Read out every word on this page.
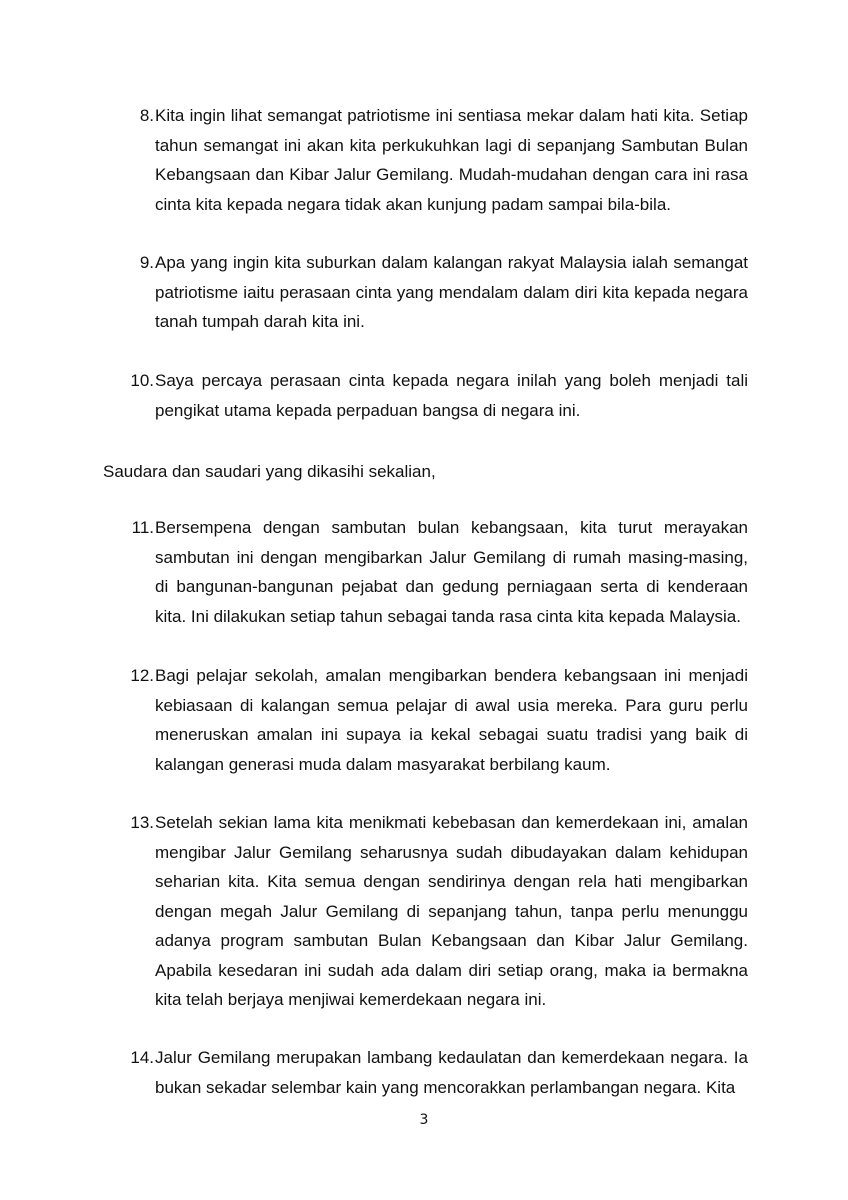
8. Kita ingin lihat semangat patriotisme ini sentiasa mekar dalam hati kita. Setiap tahun semangat ini akan kita perkukuhkan lagi di sepanjang Sambutan Bulan Kebangsaan dan Kibar Jalur Gemilang. Mudah-mudahan dengan cara ini rasa cinta kita kepada negara tidak akan kunjung padam sampai bila-bila.
9. Apa yang ingin kita suburkan dalam kalangan rakyat Malaysia ialah semangat patriotisme iaitu perasaan cinta yang mendalam dalam diri kita kepada negara tanah tumpah darah kita ini.
10. Saya percaya perasaan cinta kepada negara inilah yang boleh menjadi tali pengikat utama kepada perpaduan bangsa di negara ini.
Saudara dan saudari yang dikasihi sekalian,
11. Bersempena dengan sambutan bulan kebangsaan, kita turut merayakan sambutan ini dengan mengibarkan Jalur Gemilang di rumah masing-masing, di bangunan-bangunan pejabat dan gedung perniagaan serta di kenderaan kita. Ini dilakukan setiap tahun sebagai tanda rasa cinta kita kepada Malaysia.
12. Bagi pelajar sekolah, amalan mengibarkan bendera kebangsaan ini menjadi kebiasaan di kalangan semua pelajar di awal usia mereka. Para guru perlu meneruskan amalan ini supaya ia kekal sebagai suatu tradisi yang baik di kalangan generasi muda dalam masyarakat berbilang kaum.
13. Setelah sekian lama kita menikmati kebebasan dan kemerdekaan ini, amalan mengibar Jalur Gemilang seharusnya sudah dibudayakan dalam kehidupan seharian kita. Kita semua dengan sendirinya dengan rela hati mengibarkan dengan megah Jalur Gemilang di sepanjang tahun, tanpa perlu menunggu adanya program sambutan Bulan Kebangsaan dan Kibar Jalur Gemilang. Apabila kesedaran ini sudah ada dalam diri setiap orang, maka ia bermakna kita telah berjaya menjiwai kemerdekaan negara ini.
14. Jalur Gemilang merupakan lambang kedaulatan dan kemerdekaan negara. Ia bukan sekadar selembar kain yang mencorakkan perlambangan negara. Kita
3
